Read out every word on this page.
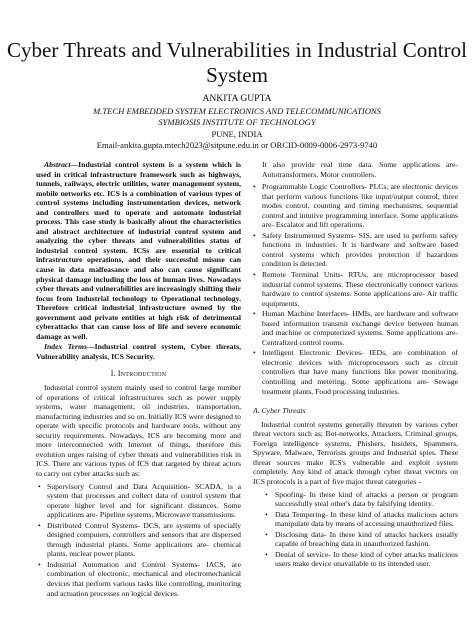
Cyber Threats and Vulnerabilities in Industrial Control System
ANKITA GUPTA
M.TECH EMBEDDED SYSTEM ELECTRONICS AND TELECOMMUNICATIONS
SYMBIOSIS INSTITUTE OF TECHNOLOGY
PUNE, INDIA
Email-ankita.gupta.mtech2023@sitpune.edu.in or ORCID-0009-0006-2973-9740

Abstract—Industrial control system is a system which is used in critical infrastructure framework such as highways, tunnels, railways, electric utilities, water management system, mobile networks etc. ICS is a combination of various types of control systems including instrumentation devices, network and controllers used to operate and automate industrial process. This case study is basically about the characteristics and abstract architecture of industrial control system and analyzing the cyber threats and vulnerabilities status of industrial control system. ICSs are essential to critical infrastructure operations, and their successful misuse can cause in data malfeasance and also can cause significant physical damage including the loss of human lives. Nowadays cyber threats and vulnerabilities are increasingly shifting their focus from Industrial technology to Operational technology. Therefore critical industrial infrastructure owned by the government and private entities at high risk of detrimental cyberattacks that can cause loss of life and severe economic damage as well.

Index Terms—Industrial control system, Cyber threats, Vulnerability analysis, ICS Security.

I. Introduction

Industrial control system mainly used to control large number of operations of critical infrastructures such as power supply systems, water management, oil industries, transportation, manufacturing industries and so on. Initially ICS were designed to operate with specific protocols and hardware tools, without any security requirements. Nowadays, ICS are becoming more and more interconnected with Internet of things, therefore this evolution urges raising of cyber threats and vulnerabilities risk in ICS. There are various types of ICS that targeted by threat actors to carry out cyber attacks such as:

• Supervisory Control and Data Acquisition- SCADA, is a system that processes and collect data of control system that operate higher level and for significant distances. Some applications are- Pipeline systems, Microwave transmissions.
• Distributed Control Systems- DCS, are systems of specially designed computers, controllers and sensors that are dispersed through industrial plants. Some applications are- chemical plants, nuclear power plants.
• Industrial Automation and Control Systems- IACS, are combination of electronic, mechanical and electromechanical devices that perform various tasks like controlling, monitoring and actuation processes on logical devices.

It also provide real time data. Some applications are- Autotransformers, Motor controllers.

• Programmable Logic Controllers- PLCs, are electronic devices that perform various functions like input/output control, three modes control, counting and timing mechanisms, sequential control and intutive programming interface. Some applications are- Escalator and lift operations.
• Safety Instrumented Systems- SIS, are used to perform safety functions in industries. It is hardware and software based control systems which provides protection if hazardous condition is detected.
• Remote Terminal Units- RTUs, are microprocessor based industrial control systems. These electronically connect various hardware to control systems. Some applications are- Air traffic equipments.
• Human Machine Interfaces- HMIs, are hardware and software based information transmit exchange device between human and machine or computerized systems. Some applications are- Centralized control rooms.
• Intelligent Electronic Devices- IEDs, are combination of electronic devices with microprocessors such as circuit controllers that have many functions like power monitoring, controlling and metering. Some applications are- Sewage treatment plants, Food processing industries.
A. Cyber Threats

Industrial control systems generally threaten by various cyber threat vectors such as; Bot-networks, Attackers, Criminal groups, Foreign intelligence systems, Phishers, Insiders, Spammers, Spyware, Malware, Terrorists groups and Industrial spies. These threat sources make ICS's vulnerable and exploit system completely. Any kind of attack through cyber threat vectors on ICS protocols is a part of five major threat categories -

• Spoofing- In these kind of attacks a person or program successfully steal other's data by falsifying identity.
• Data Tempering- In these kind of attacks malicious actors manipulate data by means of accessing unauthorized files.
• Disclosing data- In these kind of attacks hackers usually capable of breaching data in unauthorized fashion.
• Denial of service- In these kind of cyber attacks malicious users make device unavailable to its intended user.
